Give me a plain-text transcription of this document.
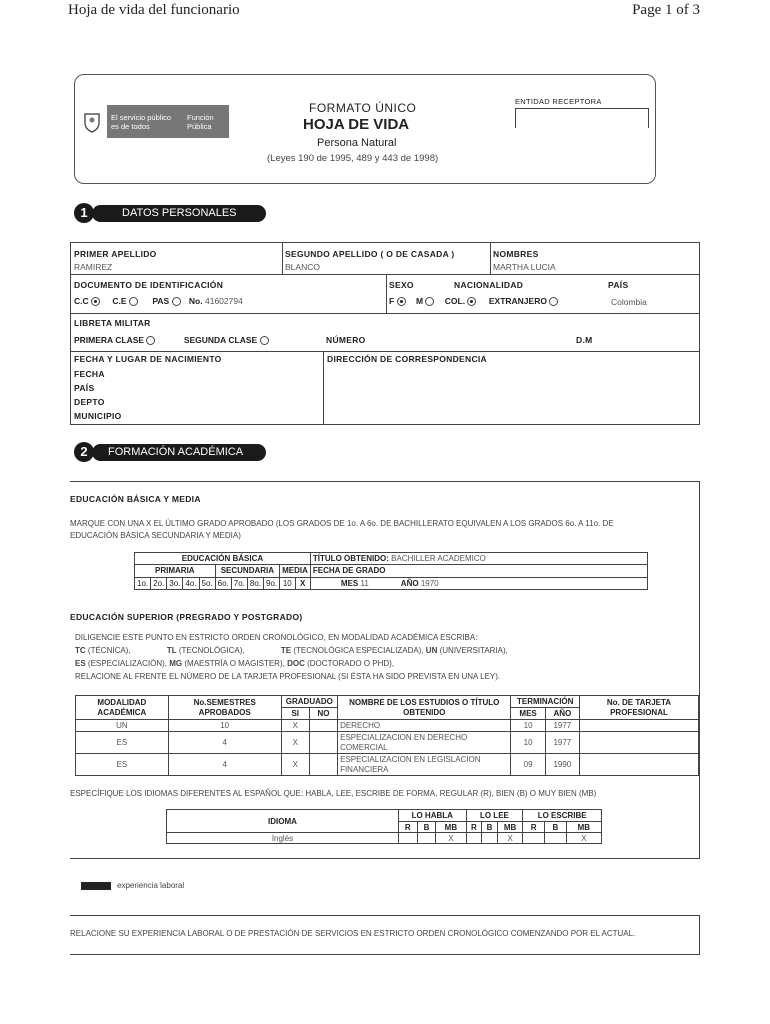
Hoja de vida del funcionario	Page 1 of 3
El servicio público es de todos
Función Pública
FORMATO ÚNICO
HOJA DE VIDA
Persona Natural
(Leyes 190 de 1995, 489 y 443 de 1998)
ENTIDAD RECEPTORA
1	DATOS PERSONALES
PRIMER APELLIDO
RAMIREZ
SEGUNDO APELLIDO ( O DE CASADA )
BLANCO
NOMBRES
MARTHA LUCIA
DOCUMENTO DE IDENTIFICACIÓN
C.C	C.E	PAS No. 41602794
SEXO	NACIONALIDAD	PAÍS
F	M	COL.	EXTRANJERO	Colombia
LIBRETA MILITAR
PRIMERA CLASE	SEGUNDA CLASE	NÚMERO	D.M
FECHA Y LUGAR DE NACIMIENTO
FECHA
PAÍS
DEPTO
MUNICIPIO
DIRECCIÓN DE CORRESPONDENCIA
2	FORMACIÓN ACADÉMICA
EDUCACIÓN BÁSICA Y MEDIA
MARQUE CON UNA X EL ÚLTIMO GRADO APROBADO (LOS GRADOS DE 1o. A 6o. DE BACHILLERATO EQUIVALEN A LOS GRADOS 6o. A 11o. DE
EDUCACIÓN BÁSICA SECUNDARIA Y MEDIA)
EDUCACIÓN BÁSICA											TÍTULO OBTENIDO: BACHILLER ACADEMICO	
PRIMARIA					SECUNDARIA				MEDIA		FECHA DE GRADO	
1o.	2o.	3o.	4o.	5o.	6o.	7o.	8o.	9o.	10	X	MES 11 AÑO 1970	
EDUCACIÓN SUPERIOR (PREGRADO Y POSTGRADO)
DILIGENCIE ESTE PUNTO EN ESTRICTO ORDEN CRONOLÓGICO, EN MODALIDAD ACADÉMICA ESCRIBA:
TC (TÉCNICA),	TL (TECNOLÓGICA),	TE (TECNOLÓGICA ESPECIALIZADA), UN (UNIVERSITARIA),
ES (ESPECIALIZACIÓN), MG (MAESTRÍA O MAGISTER), DOC (DOCTORADO O PHD),
RELACIONE AL FRENTE EL NÚMERO DE LA TARJETA PROFESIONAL (SI ÉSTA HA SIDO PREVISTA EN UNA LEY).
MODALIDAD ACADÉMICA	No.SEMESTRES APROBADOS	GRADUADO		NOMBRE DE LOS ESTUDIOS O TÍTULO OBTENIDO	TERMINACIÓN		No. DE TARJETA PROFESIONAL
		SI	NO		MES	AÑO	
UN	10	X		DERECHO	10	1977	
ES	4	X		ESPECIALIZACION EN DERECHO COMERCIAL	10	1977	
ES	4	X		ESPECIALIZACION EN LEGISLACION FINANCIERA	09	1990	
ESPECÍFIQUE LOS IDIOMAS DIFERENTES AL ESPAÑOL QUE: HABLA, LEE, ESCRIBE DE FORMA, REGULAR (R), BIEN (B) O MUY BIEN (MB)
IDIOMA	LO HABLA			LO LEE			LO ESCRIBE		
	R	B	MB	R	B	MB	R	B	MB
Inglés			X			X			X
experiencia laboral
RELACIONE SU EXPERIENCIA LABORAL O DE PRESTACIÓN DE SERVICIOS EN ESTRICTO ORDEN CRONOLÓGICO COMENZANDO POR EL ACTUAL.
